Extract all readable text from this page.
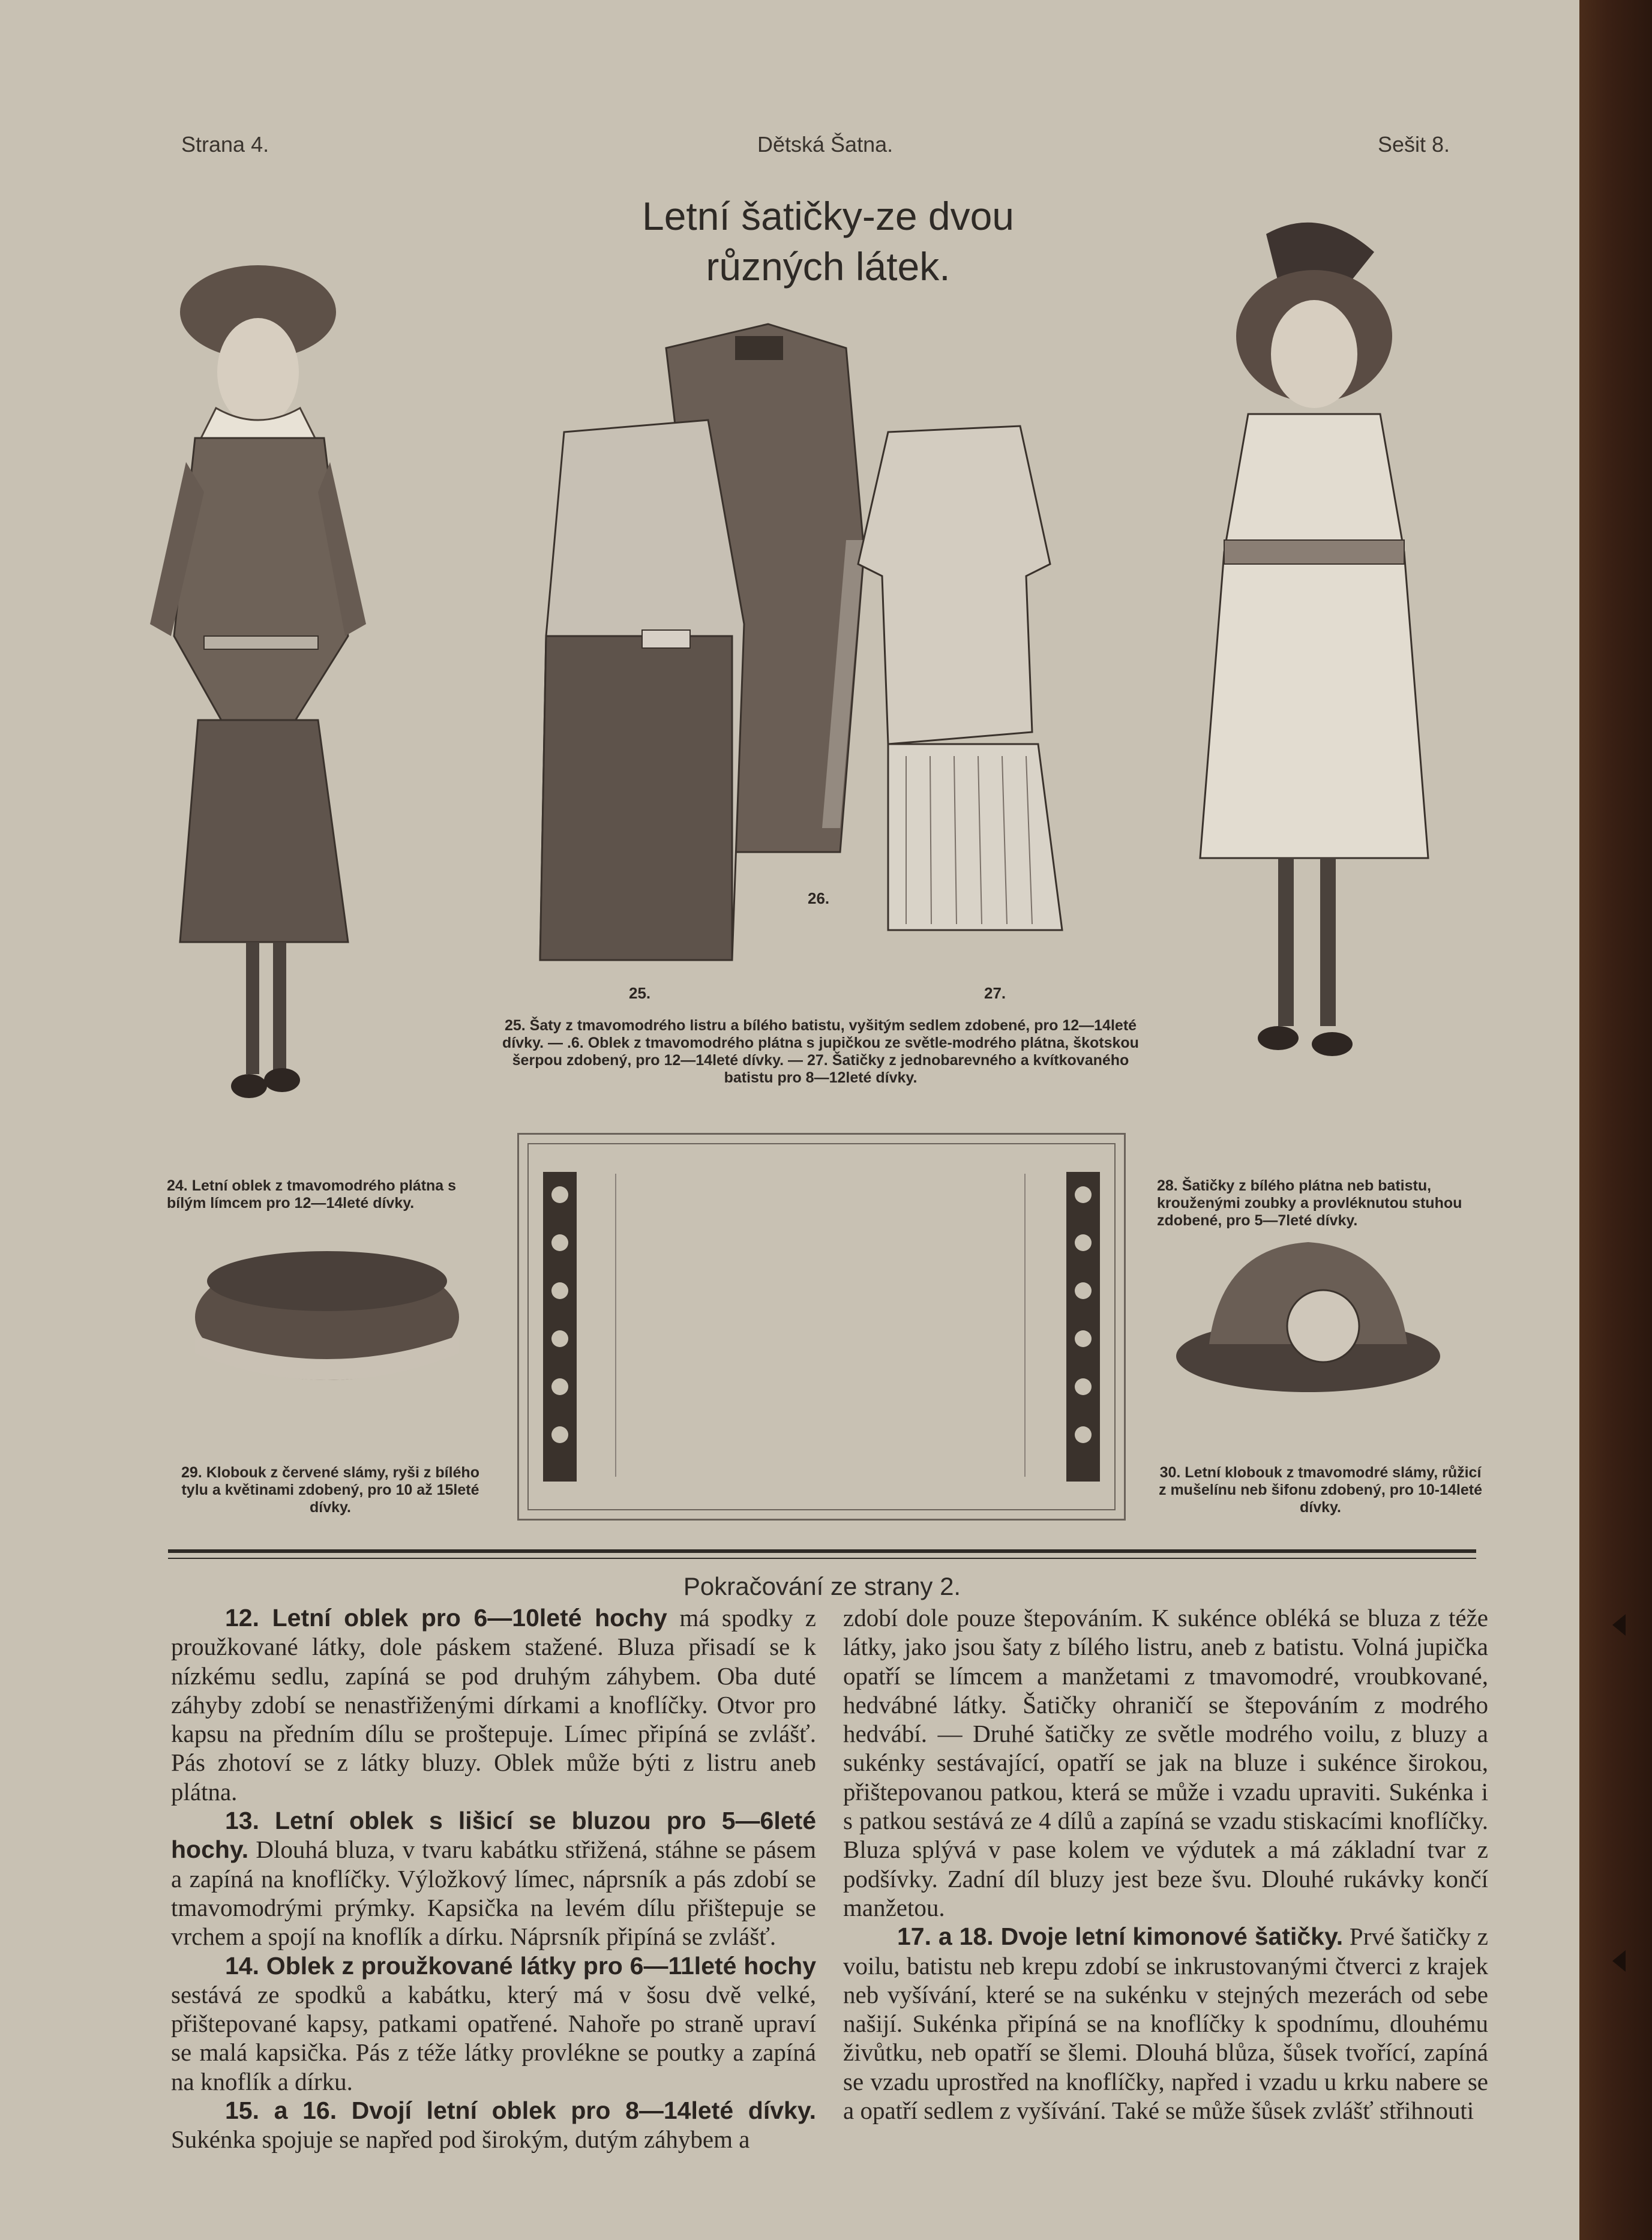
Strana 4.	Dětská Šatna.	Sešit 8.
Letní šatičky-ze dvou
různých látek.
26.
25.	27.
25. Šaty z tmavomodrého listru a bílého batistu, vyšitým sedlem zdobené, pro 12—14leté dívky. — .6. Oblek z tmavomodrého plátna s jupičkou ze světle-modrého plátna, škotskou šerpou zdobený, pro 12—14leté dívky. — 27. Šatičky z jednobarevného a kvítkovaného batistu pro 8—12leté dívky.
24. Letní oblek z tmavomodrého plátna s bílým límcem pro 12—14leté dívky.
28. Šatičky z bílého plátna neb batistu, krouženými zoubky a provléknutou stuhou zdobené, pro 5—7leté dívky.
29. Klobouk z červené slámy, ryši z bílého tylu a květinami zdobený, pro 10 až 15leté dívky.
30. Letní klobouk z tmavomodré slámy, růžicí z mušelínu neb šifonu zdobený, pro 10-14leté dívky.
Pokračování ze strany 2.

12. Letní oblek pro 6—10leté hochy má spodky z proužkované látky, dole páskem stažené. Bluza přisadí se k nízkému sedlu, zapíná se pod druhým záhybem. Oba duté záhyby zdobí se nenastřiženými dírkami a knoflíčky. Otvor pro kapsu na předním dílu se proštepuje. Límec připíná se zvlášť. Pás zhotoví se z látky bluzy. Oblek může býti z listru aneb plátna.

13. Letní oblek s lišicí se bluzou pro 5—6leté hochy. Dlouhá bluza, v tvaru kabátku střižená, stáhne se pásem a zapíná na knoflíčky. Výložkový límec, náprsník a pás zdobí se tmavomodrými prýmky. Kapsička na levém dílu přištepuje se vrchem a spojí na knoflík a dírku. Náprsník připíná se zvlášť.

14. Oblek z proužkované látky pro 6—11leté hochy sestává ze spodků a kabátku, který má v šosu dvě velké, přištepované kapsy, patkami opatřené. Nahoře po straně upraví se malá kapsička. Pás z téže látky provlékne se poutky a zapíná na knoflík a dírku.

15. a 16. Dvojí letní oblek pro 8—14leté dívky. Sukénka spojuje se napřed pod širokým, dutým záhybem a

zdobí dole pouze štepováním. K sukénce obléká se bluza z téže látky, jako jsou šaty z bílého listru, aneb z batistu. Volná jupička opatří se límcem a manžetami z tmavomodré, vroubkované, hedvábné látky. Šatičky ohraničí se štepováním z modrého hedvábí. — Druhé šatičky ze světle modrého voilu, z bluzy a sukénky sestávající, opatří se jak na bluze i sukénce širokou, přištepovanou patkou, která se může i vzadu upraviti. Sukénka i s patkou sestává ze 4 dílů a zapíná se vzadu stiskacími knoflíčky. Bluza splývá v pase kolem ve výdutek a má základní tvar z podšívky. Zadní díl bluzy jest beze švu. Dlouhé rukávky končí manžetou.

17. a 18. Dvoje letní kimonové šatičky. Prvé šatičky z voilu, batistu neb krepu zdobí se inkrustovanými čtverci z krajek neb vyšívání, které se na sukénku v stejných mezerách od sebe našijí. Sukénka připíná se na knoflíčky k spodnímu, dlouhému živůtku, neb opatří se šlemi. Dlouhá blůza, šůsek tvořící, zapíná se vzadu uprostřed na knoflíčky, napřed i vzadu u krku nabere se a opatří sedlem z vyšívání. Také se může šůsek zvlášť střihnouti
